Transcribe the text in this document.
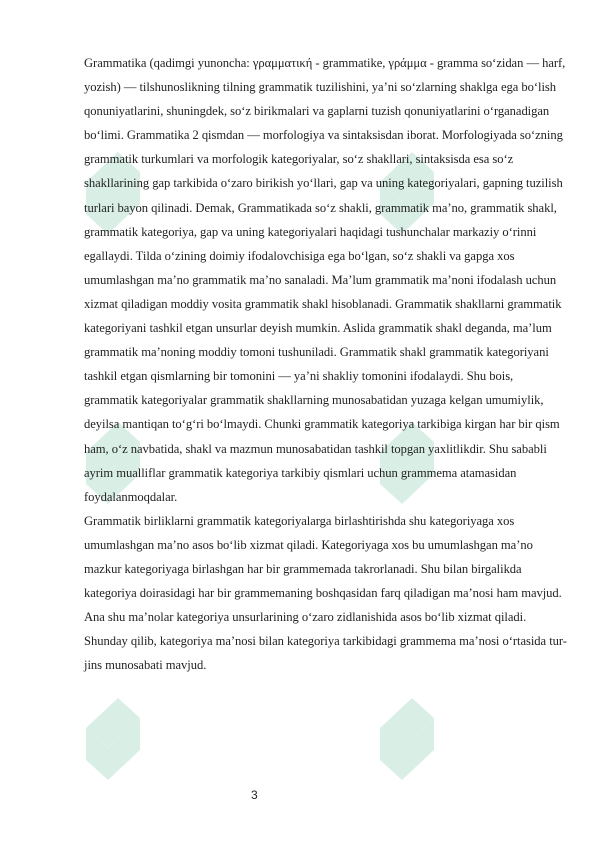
Grammatika (qadimgi yunoncha: γραμματική - grammatike, γράμμα - gramma so‘zidan — harf, yozish) — tilshunoslikning tilning grammatik tuzilishini, ya’ni so‘zlarning shaklga ega bo‘lish qonuniyatlarini, shuningdek, so‘z birikmalari va gaplarni tuzish qonuniyatlarini o‘rganadigan bo‘limi. Grammatika 2 qismdan — morfologiya va sintaksisdan iborat. Morfologiyada so‘zning grammatik turkumlari va morfologik kategoriyalar, so‘z shakllari, sintaksisda esa so‘z shakllarining gap tarkibida o‘zaro birikish yo‘llari, gap va uning kategoriyalari, gapning tuzilish turlari bayon qilinadi. Demak, Grammatikada so‘z shakli, grammatik ma’no, grammatik shakl, grammatik kategoriya, gap va uning kategoriyalari haqidagi tushunchalar markaziy o‘rinni egallaydi. Tilda o‘zining doimiy ifodalovchisiga ega bo‘lgan, so‘z shakli va gapga xos umumlashgan ma’no grammatik ma’no sanaladi. Ma’lum grammatik ma’noni ifodalash uchun xizmat qiladigan moddiy vosita grammatik shakl hisoblanadi. Grammatik shakllarni grammatik kategoriyani tashkil etgan unsurlar deyish mumkin. Aslida grammatik shakl deganda, ma’lum grammatik ma’noning moddiy tomoni tushuniladi. Grammatik shakl grammatik kategoriyani tashkil etgan qismlarning bir tomonini — ya’ni shakliy tomonini ifodalaydi. Shu bois, grammatik kategoriyalar grammatik shakllarning munosabatidan yuzaga kelgan umumiylik, deyilsa mantiqan to‘g‘ri bo‘lmaydi. Chunki grammatik kategoriya tarkibiga kirgan har bir qism ham, o‘z navbatida, shakl va mazmun munosabatidan tashkil topgan yaxlitlikdir. Shu sababli ayrim mualliflar grammatik kategoriya tarkibiy qismlari uchun grammema atamasidan foydalanmoqdalar.

Grammatik birliklarni grammatik kategoriyalarga birlashtirishda shu kategoriyaga xos umumlashgan ma’no asos bo‘lib xizmat qiladi. Kategoriyaga xos bu umumlashgan ma’no mazkur kategoriyaga birlashgan har bir grammemada takrorlanadi. Shu bilan birgalikda kategoriya doirasidagi har bir grammemaning boshqasidan farq qiladigan ma’nosi ham mavjud. Ana shu ma’nolar kategoriya unsurlarining o‘zaro zidlanishida asos bo‘lib xizmat qiladi. Shunday qilib, kategoriya ma’nosi bilan kategoriya tarkibidagi grammema ma’nosi o‘rtasida tur-jins munosabati mavjud.

3
